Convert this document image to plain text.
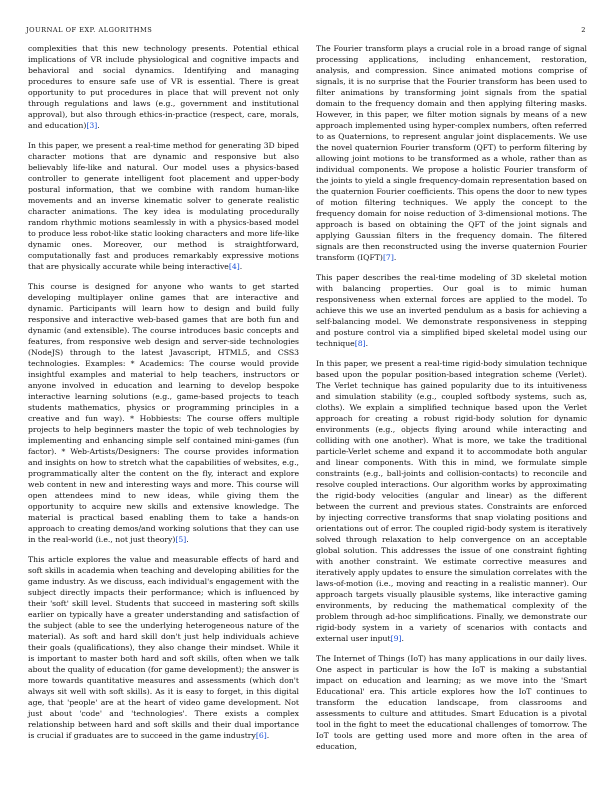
JOURNAL OF EXP. ALGORITHMS	2

complexities that this new technology presents. Potential ethical implications of VR include physiological and cognitive impacts and behavioral and social dynamics. Identifying and managing procedures to ensure safe use of VR is essential. There is great opportunity to put procedures in place that will prevent not only through regulations and laws (e.g., government and institutional approval), but also through ethics-in-practice (respect, care, morals, and education)[3].

In this paper, we present a real-time method for generating 3D biped character motions that are dynamic and responsive but also believably life-like and natural. Our model uses a physics-based controller to generate intelligent foot placement and upper-body postural information, that we combine with random human-like movements and an inverse kinematic solver to generate realistic character animations. The key idea is modulating procedurally random rhythmic motions seamlessly in with a physics-based model to produce less robot-like static looking characters and more life-like dynamic ones. Moreover, our method is straightforward, computationally fast and produces remarkably expressive motions that are physically accurate while being interactive[4].

This course is designed for anyone who wants to get started developing multiplayer online games that are interactive and dynamic. Participants will learn how to design and build fully responsive and interactive web-based games that are both fun and dynamic (and extensible). The course introduces basic concepts and features, from responsive web design and server-side technologies (NodeJS) through to the latest Javascript, HTML5, and CSS3 technologies. Examples: * Academics: The course would provide insightful examples and material to help teachers, instructors or anyone involved in education and learning to develop bespoke interactive learning solutions (e.g., game-based projects to teach students mathematics, physics or programming principles in a creative and fun way). * Hobbiests: The course offers multiple projects to help beginners master the topic of web technologies by implementing and enhancing simple self contained mini-games (fun factor). * Web-Artists/Designers: The course provides information and insights on how to stretch what the capabilities of websites, e.g., programmatically alter the content on the fly, interact and explore web content in new and interesting ways and more. This course will open attendees mind to new ideas, while giving them the opportunity to acquire new skills and extensive knowledge. The material is practical based enabling them to take a hands-on approach to creating demos/and working solutions that they can use in the real-world (i.e., not just theory)[5].

This article explores the value and measurable effects of hard and soft skills in academia when teaching and developing abilities for the game industry. As we discuss, each individual's engagement with the subject directly impacts their performance; which is influenced by their 'soft' skill level. Students that succeed in mastering soft skills earlier on typically have a greater understanding and satisfaction of the subject (able to see the underlying heterogeneous nature of the material). As soft and hard skill don't just help individuals achieve their goals (qualifications), they also change their mindset. While it is important to master both hard and soft skills, often when we talk about the quality of education (for game development); the answer is more towards quantitative measures and assessments (which don't always sit well with soft skills). As it is easy to forget, in this digital age, that 'people' are at the heart of video game development. Not just about 'code' and 'technologies'. There exists a complex relationship between hard and soft skills and their dual importance is crucial if graduates are to succeed in the game industry[6].

The Fourier transform plays a crucial role in a broad range of signal processing applications, including enhancement, restoration, analysis, and compression. Since animated motions comprise of signals, it is no surprise that the Fourier transform has been used to filter animations by transforming joint signals from the spatial domain to the frequency domain and then applying filtering masks. However, in this paper, we filter motion signals by means of a new approach implemented using hyper-complex numbers, often referred to as Quaternions, to represent angular joint displacements. We use the novel quaternion Fourier transform (QFT) to perform filtering by allowing joint motions to be transformed as a whole, rather than as individual components. We propose a holistic Fourier transform of the joints to yield a single frequency-domain representation based on the quaternion Fourier coefficients. This opens the door to new types of motion filtering techniques. We apply the concept to the frequency domain for noise reduction of 3-dimensional motions. The approach is based on obtaining the QFT of the joint signals and applying Gaussian filters in the frequency domain. The filtered signals are then reconstructed using the inverse quaternion Fourier transform (IQFT)[7].

This paper describes the real-time modeling of 3D skeletal motion with balancing properties. Our goal is to mimic human responsiveness when external forces are applied to the model. To achieve this we use an inverted pendulum as a basis for achieving a self-balancing model. We demonstrate responsiveness in stepping and posture control via a simplified biped skeletal model using our technique[8].

In this paper, we present a real-time rigid-body simulation technique based upon the popular position-based integration scheme (Verlet). The Verlet technique has gained popularity due to its intuitiveness and simulation stability (e.g., coupled softbody systems, such as, cloths). We explain a simplified technique based upon the Verlet approach for creating a robust rigid-body solution for dynamic environments (e.g., objects flying around while interacting and colliding with one another). What is more, we take the traditional particle-Verlet scheme and expand it to accommodate both angular and linear components. With this in mind, we formulate simple constraints (e.g., ball-joints and collision-contacts) to reconcile and resolve coupled interactions. Our algorithm works by approximating the rigid-body velocities (angular and linear) as the different between the current and previous states. Constraints are enforced by injecting corrective transforms that snap violating positions and orientations out of error. The coupled rigid-body system is iteratively solved through relaxation to help convergence on an acceptable global solution. This addresses the issue of one constraint fighting with another constraint. We estimate corrective measures and iteratively apply updates to ensure the simulation correlates with the laws-of-motion (i.e., moving and reacting in a realistic manner). Our approach targets visually plausible systems, like interactive gaming environments, by reducing the mathematical complexity of the problem through ad-hoc simplifications. Finally, we demonstrate our rigid-body system in a variety of scenarios with contacts and external user input[9].

The Internet of Things (IoT) has many applications in our daily lives. One aspect in particular is how the IoT is making a substantial impact on education and learning; as we move into the 'Smart Educational' era. This article explores how the IoT continues to transform the education landscape, from classrooms and assessments to culture and attitudes. Smart Education is a pivotal tool in the fight to meet the educational challenges of tomorrow. The IoT tools are getting used more and more often in the area of education,
